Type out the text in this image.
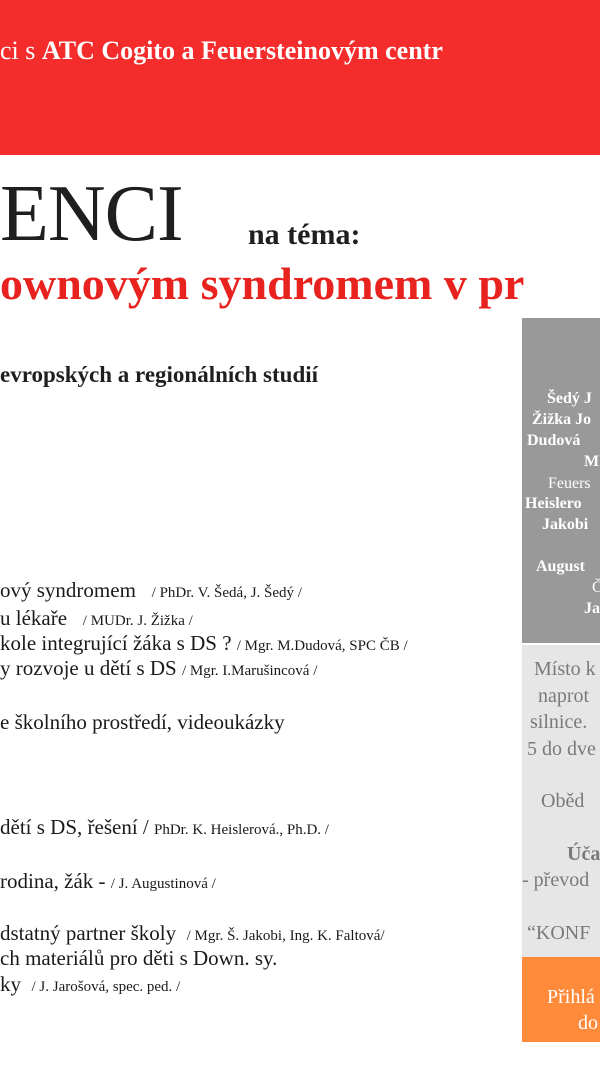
ci s ATC Cogito a Feuersteinovým centr
ENCI na téma:
ownovým syndromem v pr
evropských a regionálních studií
ový syndromem / PhDr. V. Šedá, J. Šedý /
u lékaře / MUDr. J. Žižka /
kole integrující žáka s DS ? / Mgr. M.Dudová, SPC ČB /
y rozvoje u dětí s DS / Mgr. I.Marušincová /
e školního prostředí, videoukázky
dětí s DS, řešení / PhDr. K. Heislerová., Ph.D. /
rodina, žák - / J. Augustinová /
dstatný partner školy / Mgr. Š. Jakobi, Ing. K. Faltová/
ch materiálů pro děti s Down. sy.
ky / J. Jarošová, spec. ped. /
Šedý J
Žižka Jo
Dudová
M
Feuers
Heislero
Jakobi
August
Č
Ja
Místo k
naprot
silnice.
5 do dve
Oběd
Úča
- převod
“KONF
Přihlá
do
